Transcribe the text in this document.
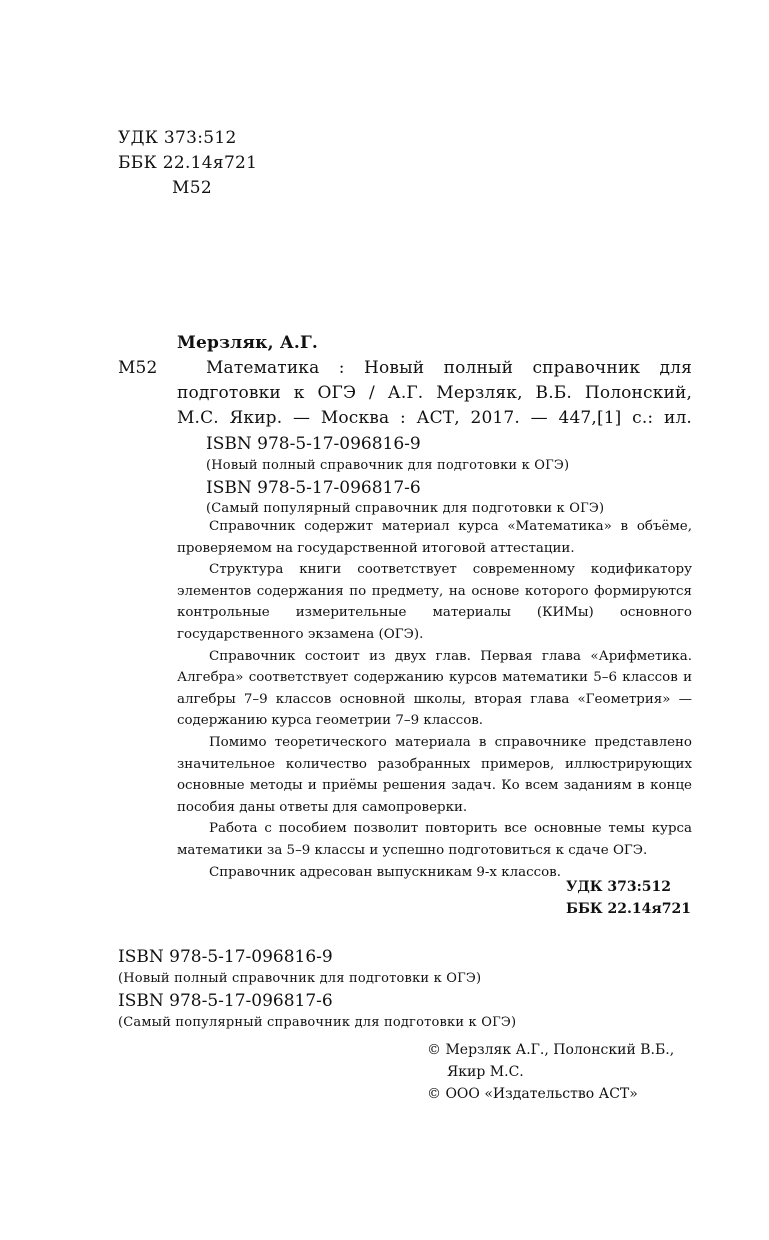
УДК 373:512
ББК 22.14я721
М52
Мерзляк, А.Г.
М52	Математика : Новый полный справочник для
подготовки к ОГЭ / А.Г. Мерзляк, В.Б. Полонский,
М.С. Якир. — Москва : АСТ, 2017. — 447,[1] с.: ил.
ISBN 978-5-17-096816-9
(Новый полный справочник для подготовки к ОГЭ)
ISBN 978-5-17-096817-6
(Самый популярный справочник для подготовки к ОГЭ)

Справочник содержит материал курса «Математика» в объёме, проверяемом на государственной итоговой аттестации.

Структура книги соответствует современному кодификатору элементов содержания по предмету, на основе которого формируются контрольные измерительные материалы (КИМы) основного государственного экзамена (ОГЭ).

Справочник состоит из двух глав. Первая глава «Арифметика. Алгебра» соответствует содержанию курсов математики 5–6 классов и алгебры 7–9 классов основной школы, вторая глава «Геометрия» — содержанию курса геометрии 7–9 классов.

Помимо теоретического материала в справочнике представлено значительное количество разобранных примеров, иллюстрирующих основные методы и приёмы решения задач. Ко всем заданиям в конце пособия даны ответы для самопроверки.

Работа с пособием позволит повторить все основные темы курса математики за 5–9 классы и успешно подготовиться к сдаче ОГЭ.

Справочник адресован выпускникам 9-х классов.

УДК 373:512
ББК 22.14я721
ISBN 978-5-17-096816-9
(Новый полный справочник для подготовки к ОГЭ)
ISBN 978-5-17-096817-6
(Самый популярный справочник для подготовки к ОГЭ)
© Мерзляк А.Г., Полонский В.Б.,
Якир М.С.
© ООО «Издательство АСТ»
